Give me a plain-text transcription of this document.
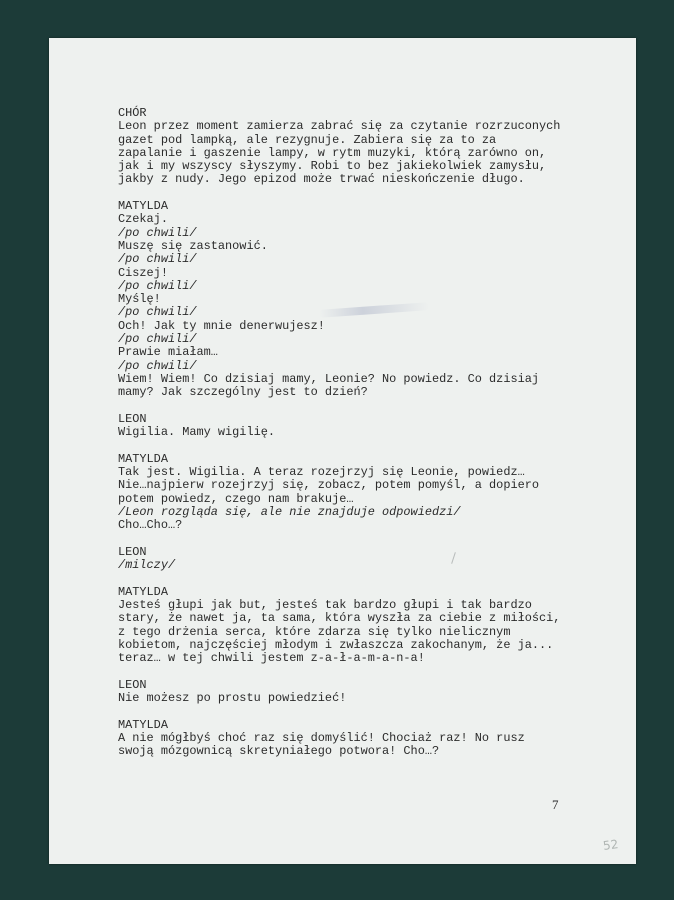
CHÓR
Leon przez moment zamierza zabrać się za czytanie rozrzuconych
gazet pod lampką, ale rezygnuje. Zabiera się za to za
zapalanie i gaszenie lampy, w rytm muzyki, którą zarówno on,
jak i my wszyscy słyszymy. Robi to bez jakiekolwiek zamysłu,
jakby z nudy. Jego epizod może trwać nieskończenie długo.
MATYLDA
Czekaj.
/po chwili/
Muszę się zastanowić.
/po chwili/
Ciszej!
/po chwili/
Myślę!
/po chwili/
Och! Jak ty mnie denerwujesz!
/po chwili/
Prawie miałam…
/po chwili/
Wiem! Wiem! Co dzisiaj mamy, Leonie? No powiedz. Co dzisiaj
mamy? Jak szczególny jest to dzień?
LEON
Wigilia. Mamy wigilię.
MATYLDA
Tak jest. Wigilia. A teraz rozejrzyj się Leonie, powiedz…
Nie…najpierw rozejrzyj się, zobacz, potem pomyśl, a dopiero
potem powiedz, czego nam brakuje…
/Leon rozgląda się, ale nie znajduje odpowiedzi/
Cho…Cho…?
LEON
/milczy/
MATYLDA
Jesteś głupi jak but, jesteś tak bardzo głupi i tak bardzo
stary, że nawet ja, ta sama, która wyszła za ciebie z miłości,
z tego drżenia serca, które zdarza się tylko nielicznym
kobietom, najczęściej młodym i zwłaszcza zakochanym, że ja...
teraz… w tej chwili jestem z-a-ł-a-m-a-n-a!
LEON
Nie możesz po prostu powiedzieć!
MATYLDA
A nie mógłbyś choć raz się domyślić! Chociaż raz! No rusz
swoją mózgownicą skretyniałego potwora! Cho…?
7
52
